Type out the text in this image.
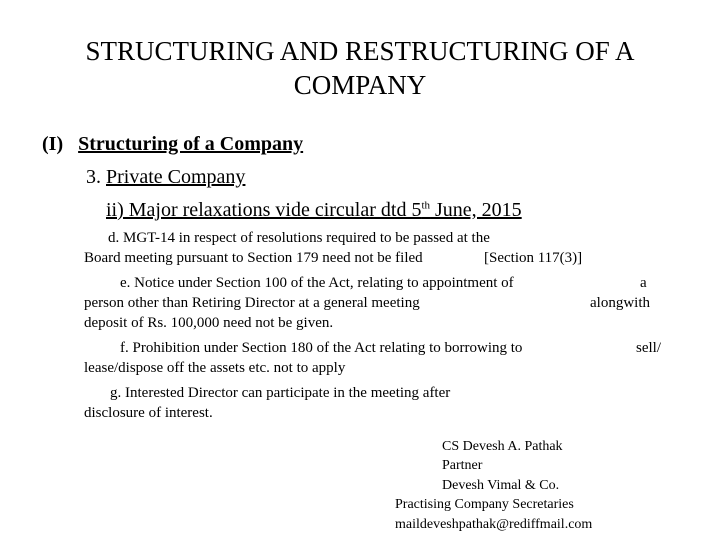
STRUCTURING AND RESTRUCTURING OF A
COMPANY
(I) Structuring of a Company
3. Private Company
ii) Major relaxations vide circular dtd 5th June, 2015
d. MGT-14 in respect of resolutions required to be passed at the
Board meeting pursuant to Section 179 need not be filed	[Section 117(3)]
e. Notice under Section 100 of the Act, relating to appointment of	a
person other than Retiring Director at a general meeting	alongwith
deposit of Rs. 100,000 need not be given.
f. Prohibition under Section 180 of the Act relating to borrowing to	sell/
lease/dispose off the assets etc. not to apply
g. Interested Director can participate in the meeting after
disclosure of interest.
CS Devesh A. Pathak
Partner
Devesh Vimal & Co.
Practising Company Secretaries
maildeveshpathak@rediffmail.com
